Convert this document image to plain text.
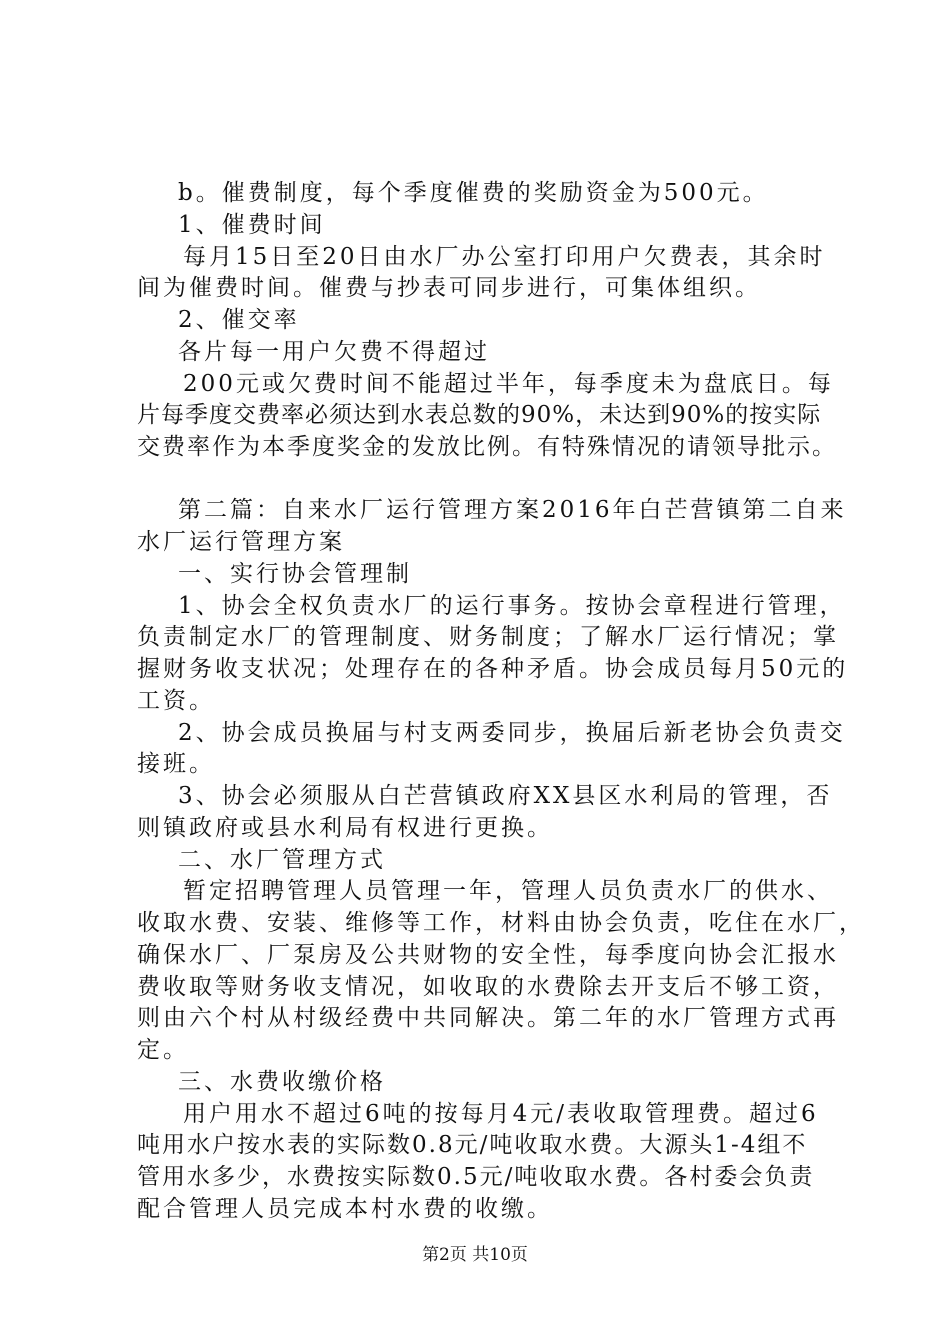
b。催费制度，每个季度催费的奖励资金为500元。
1、催费时间
每月15日至20日由水厂办公室打印用户欠费表，其余时
间为催费时间。催费与抄表可同步进行，可集体组织。
2、催交率
各片每一用户欠费不得超过
200元或欠费时间不能超过半年，每季度未为盘底日。每
片每季度交费率必须达到水表总数的90%，未达到90%的按实际
交费率作为本季度奖金的发放比例。有特殊情况的请领导批示。
第二篇：自来水厂运行管理方案2016年白芒营镇第二自来
水厂运行管理方案
一、实行协会管理制
1、协会全权负责水厂的运行事务。按协会章程进行管理，
负责制定水厂的管理制度、财务制度；了解水厂运行情况；掌
握财务收支状况；处理存在的各种矛盾。协会成员每月50元的
工资。
2、协会成员换届与村支两委同步，换届后新老协会负责交
接班。
3、协会必须服从白芒营镇政府XX县区水利局的管理，否
则镇政府或县水利局有权进行更换。
二、水厂管理方式
暂定招聘管理人员管理一年，管理人员负责水厂的供水、
收取水费、安装、维修等工作，材料由协会负责，吃住在水厂，
确保水厂、厂泵房及公共财物的安全性，每季度向协会汇报水
费收取等财务收支情况，如收取的水费除去开支后不够工资，
则由六个村从村级经费中共同解决。第二年的水厂管理方式再
定。
三、水费收缴价格
用户用水不超过6吨的按每月4元/表收取管理费。超过6
吨用水户按水表的实际数0.8元/吨收取水费。大源头1-4组不
管用水多少，水费按实际数0.5元/吨收取水费。各村委会负责
配合管理人员完成本村水费的收缴。
第2页 共10页
